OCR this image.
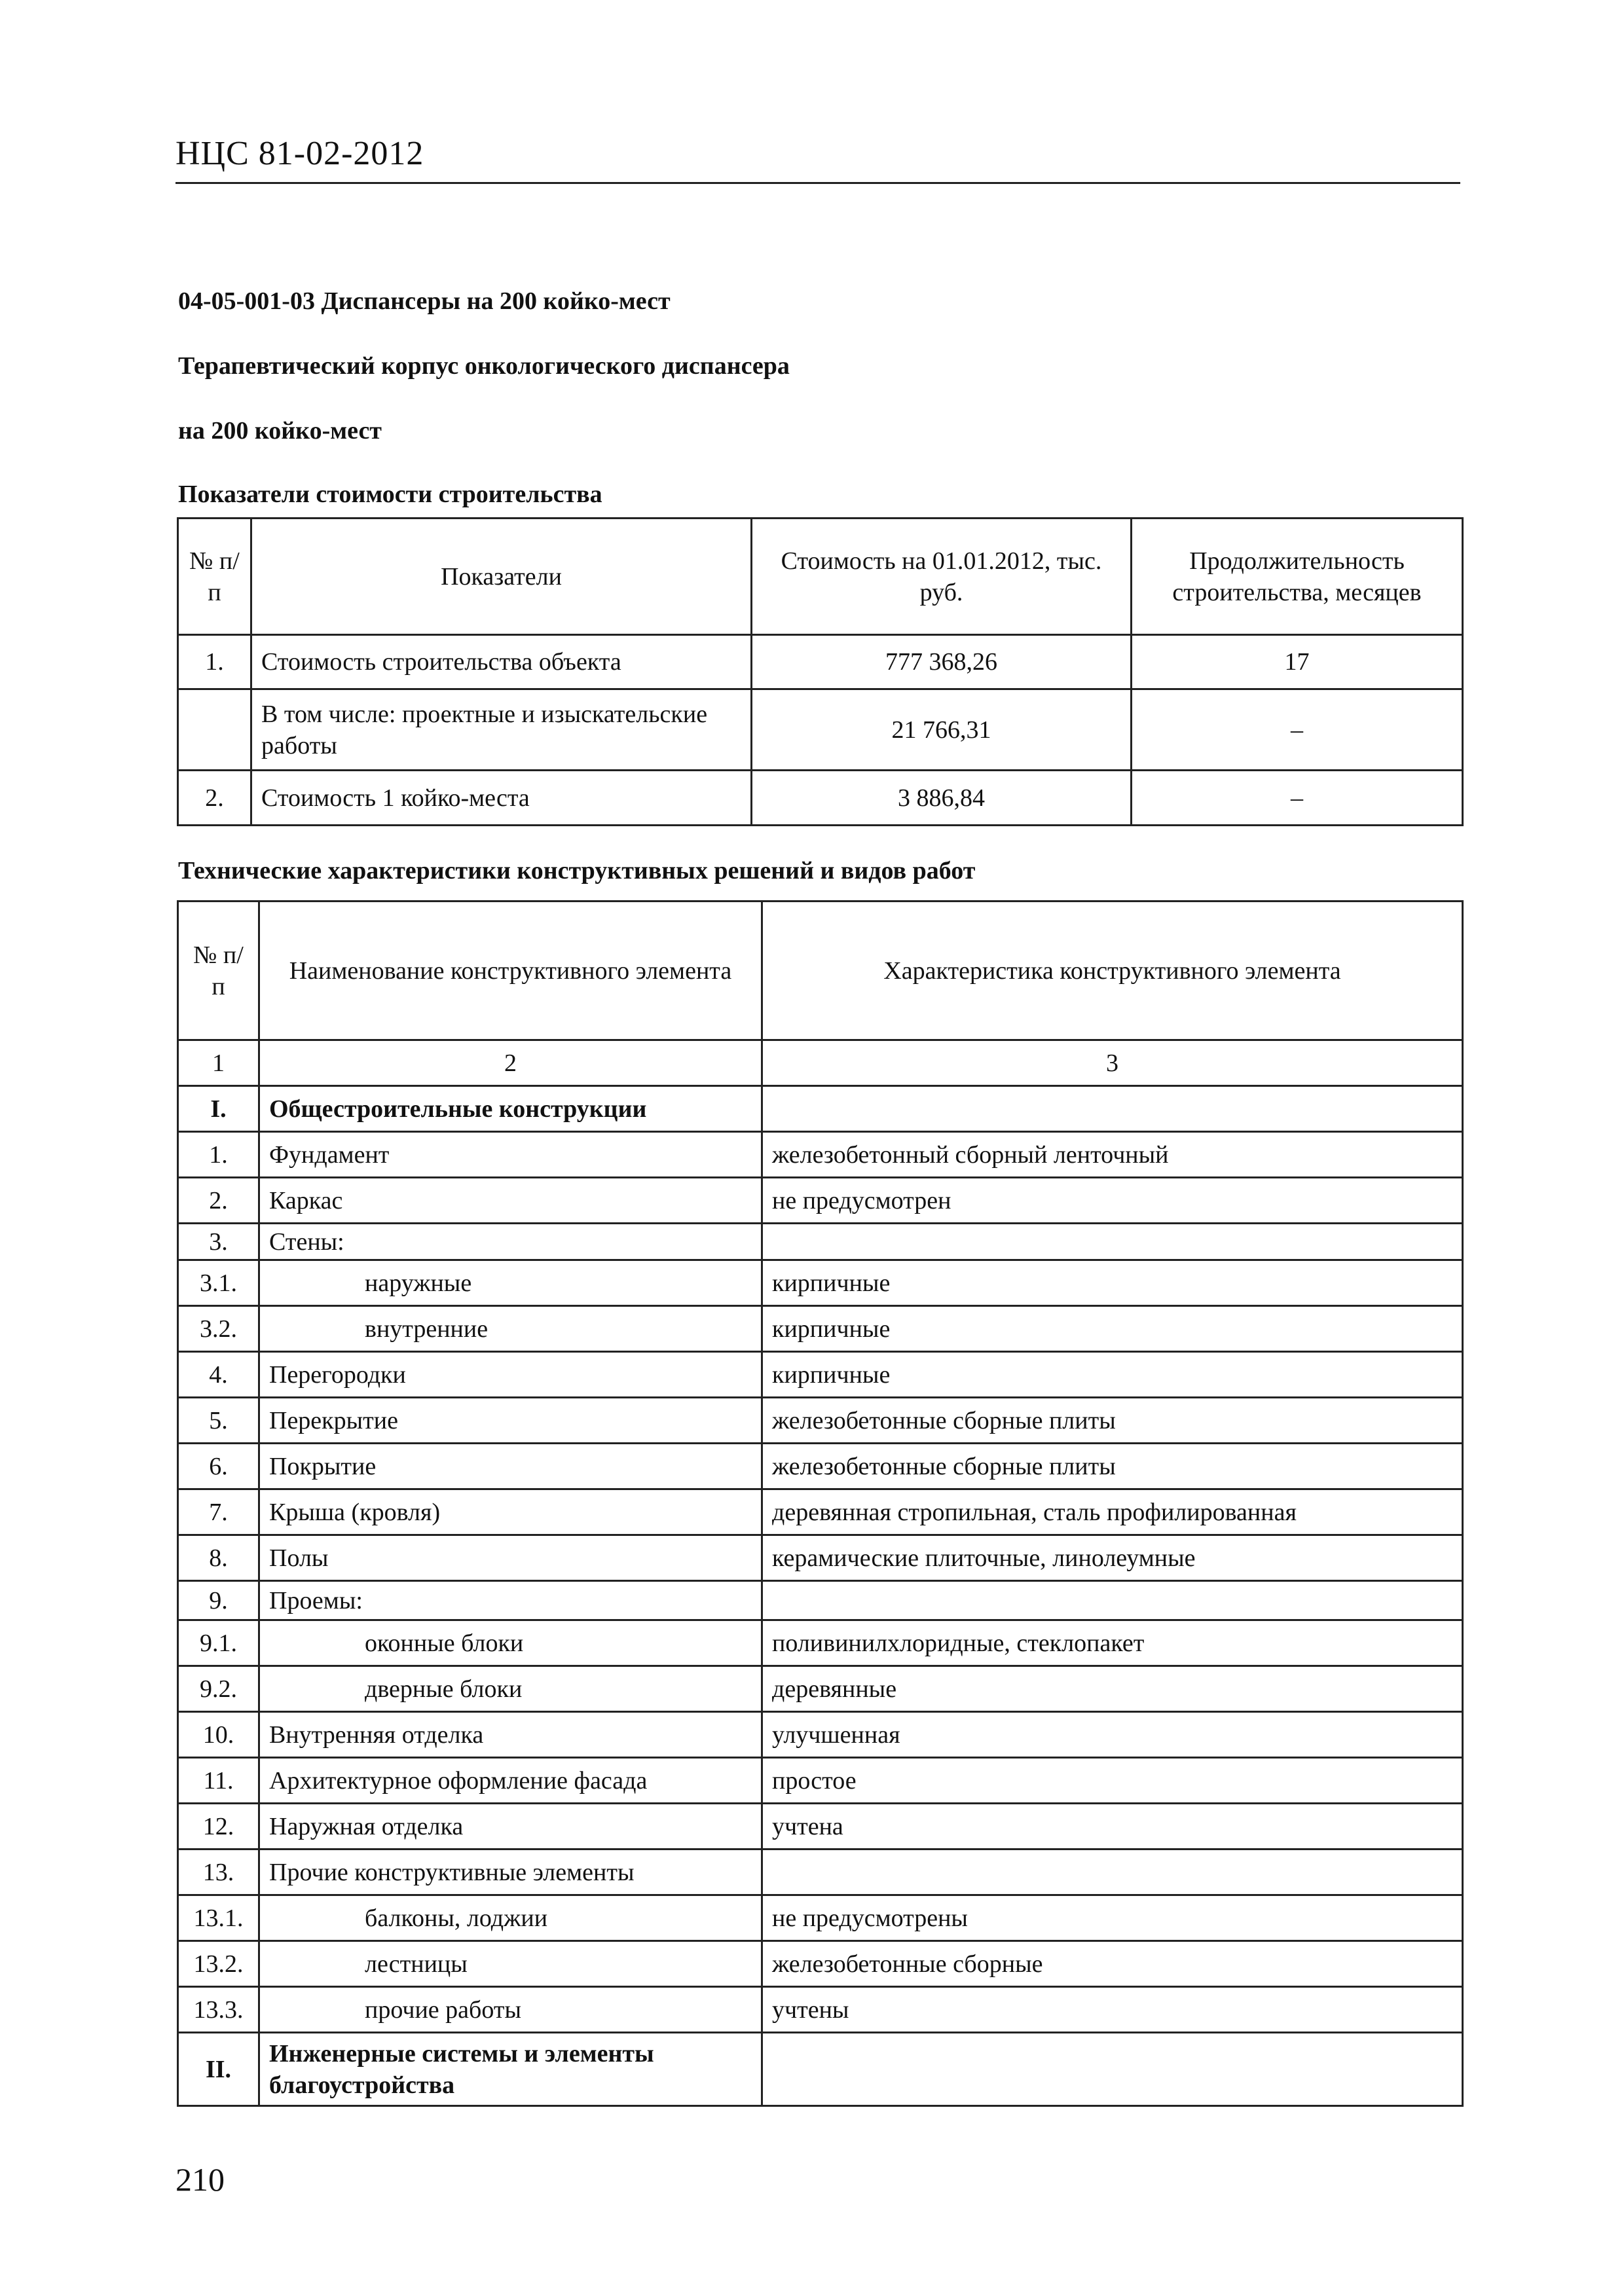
НЦС 81-02-2012
04-05-001-03 Диспансеры на 200 койко-мест
Терапевтический корпус онкологического диспансера
на 200 койко-мест
Показатели стоимости строительства
№ п/п	Показатели	Стоимость на 01.01.2012, тыс. руб.	Продолжительность строительства, месяцев
1.	Стоимость строительства объекта	777 368,26	17
	В том числе: проектные и изыскательские работы	21 766,31	–
2.	Стоимость 1 койко-места	3 886,84	–
Технические характеристики конструктивных решений и видов работ
№ п/п	Наименование конструктивного элемента	Характеристика конструктивного элемента
1	2	3
I.	Общестроительные конструкции	
1.	Фундамент	железобетонный сборный ленточный
2.	Каркас	не предусмотрен
3.	Стены:	
3.1.	наружные	кирпичные
3.2.	внутренние	кирпичные
4.	Перегородки	кирпичные
5.	Перекрытие	железобетонные сборные плиты
6.	Покрытие	железобетонные сборные плиты
7.	Крыша (кровля)	деревянная стропильная, сталь профилированная
8.	Полы	керамические плиточные, линолеумные
9.	Проемы:	
9.1.	оконные блоки	поливинилхлоридные, стеклопакет
9.2.	дверные блоки	деревянные
10.	Внутренняя отделка	улучшенная
11.	Архитектурное оформление фасада	простое
12.	Наружная отделка	учтена
13.	Прочие конструктивные элементы	
13.1.	балконы, лоджии	не предусмотрены
13.2.	лестницы	железобетонные сборные
13.3.	прочие работы	учтены
II.	Инженерные системы и элементы благоустройства	
210
